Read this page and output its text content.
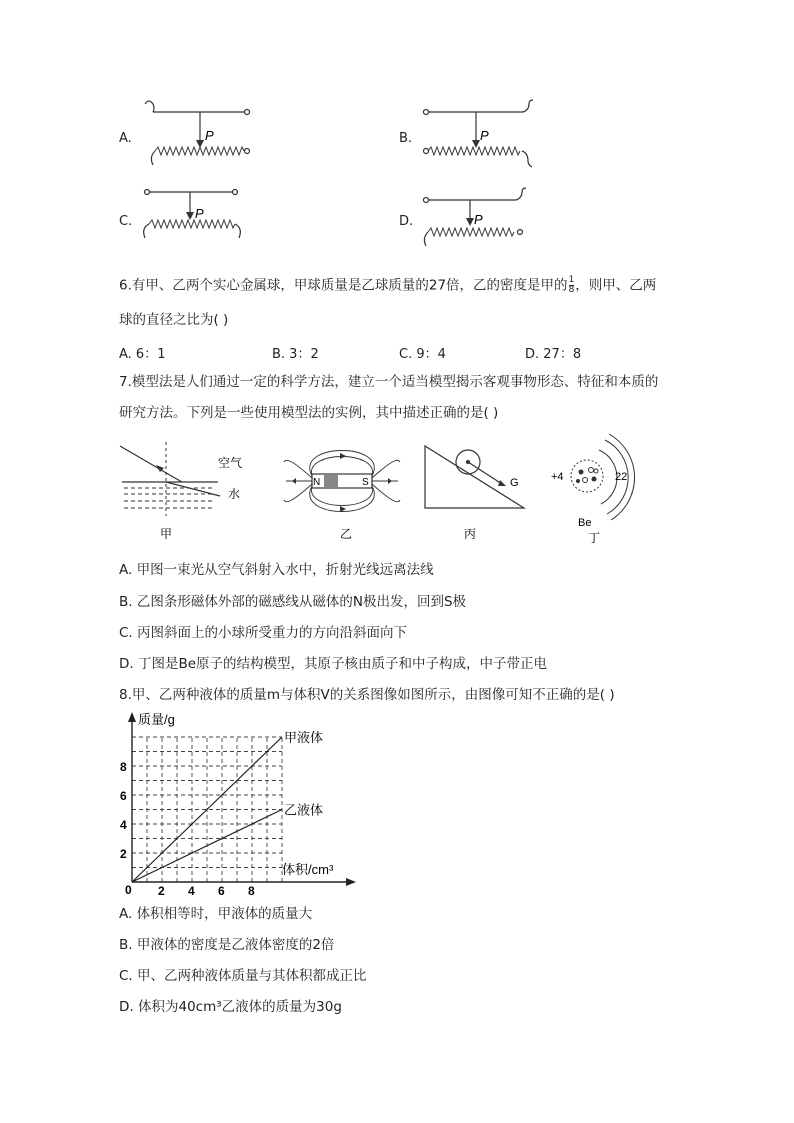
A.	P	B.	P
C.
P
D.	P
6.有甲、乙两个实心金属球，甲球质量是乙球质量的27倍，乙的密度是甲的 $\frac{1}{8}$ ，则甲、乙两
球的直径之比为( )
A. 6：1	B. 3：2	C. 9：4	D. 27：8
7.模型法是人们通过一定的科学方法，建立一个适当模型揭示客观事物形态、特征和本质的
研究方法。下列是一些使用模型法的实例，其中描述正确的是( )
空气
水
甲
N	S
乙
G
丙
+4	22
Be
丁
A. 甲图一束光从空气斜射入水中，折射光线远离法线
B. 乙图条形磁体外部的磁感线从磁体的N极出发，回到S极
C. 丙图斜面上的小球所受重力的方向沿斜面向下
D. 丁图是Be原子的结构模型，其原子核由质子和中子构成，中子带正电
8.甲、乙两种液体的质量m与体积V的关系图像如图所示，由图像可知不正确的是( )
甲液体
乙液体
2 4 6 8
2
4
6
8
质量/g
体积/cm³
0
A. 体积相等时，甲液体的质量大
B. 甲液体的密度是乙液体密度的2倍
C. 甲、乙两种液体质量与其体积都成正比
D. 体积为40cm³乙液体的质量为30g
